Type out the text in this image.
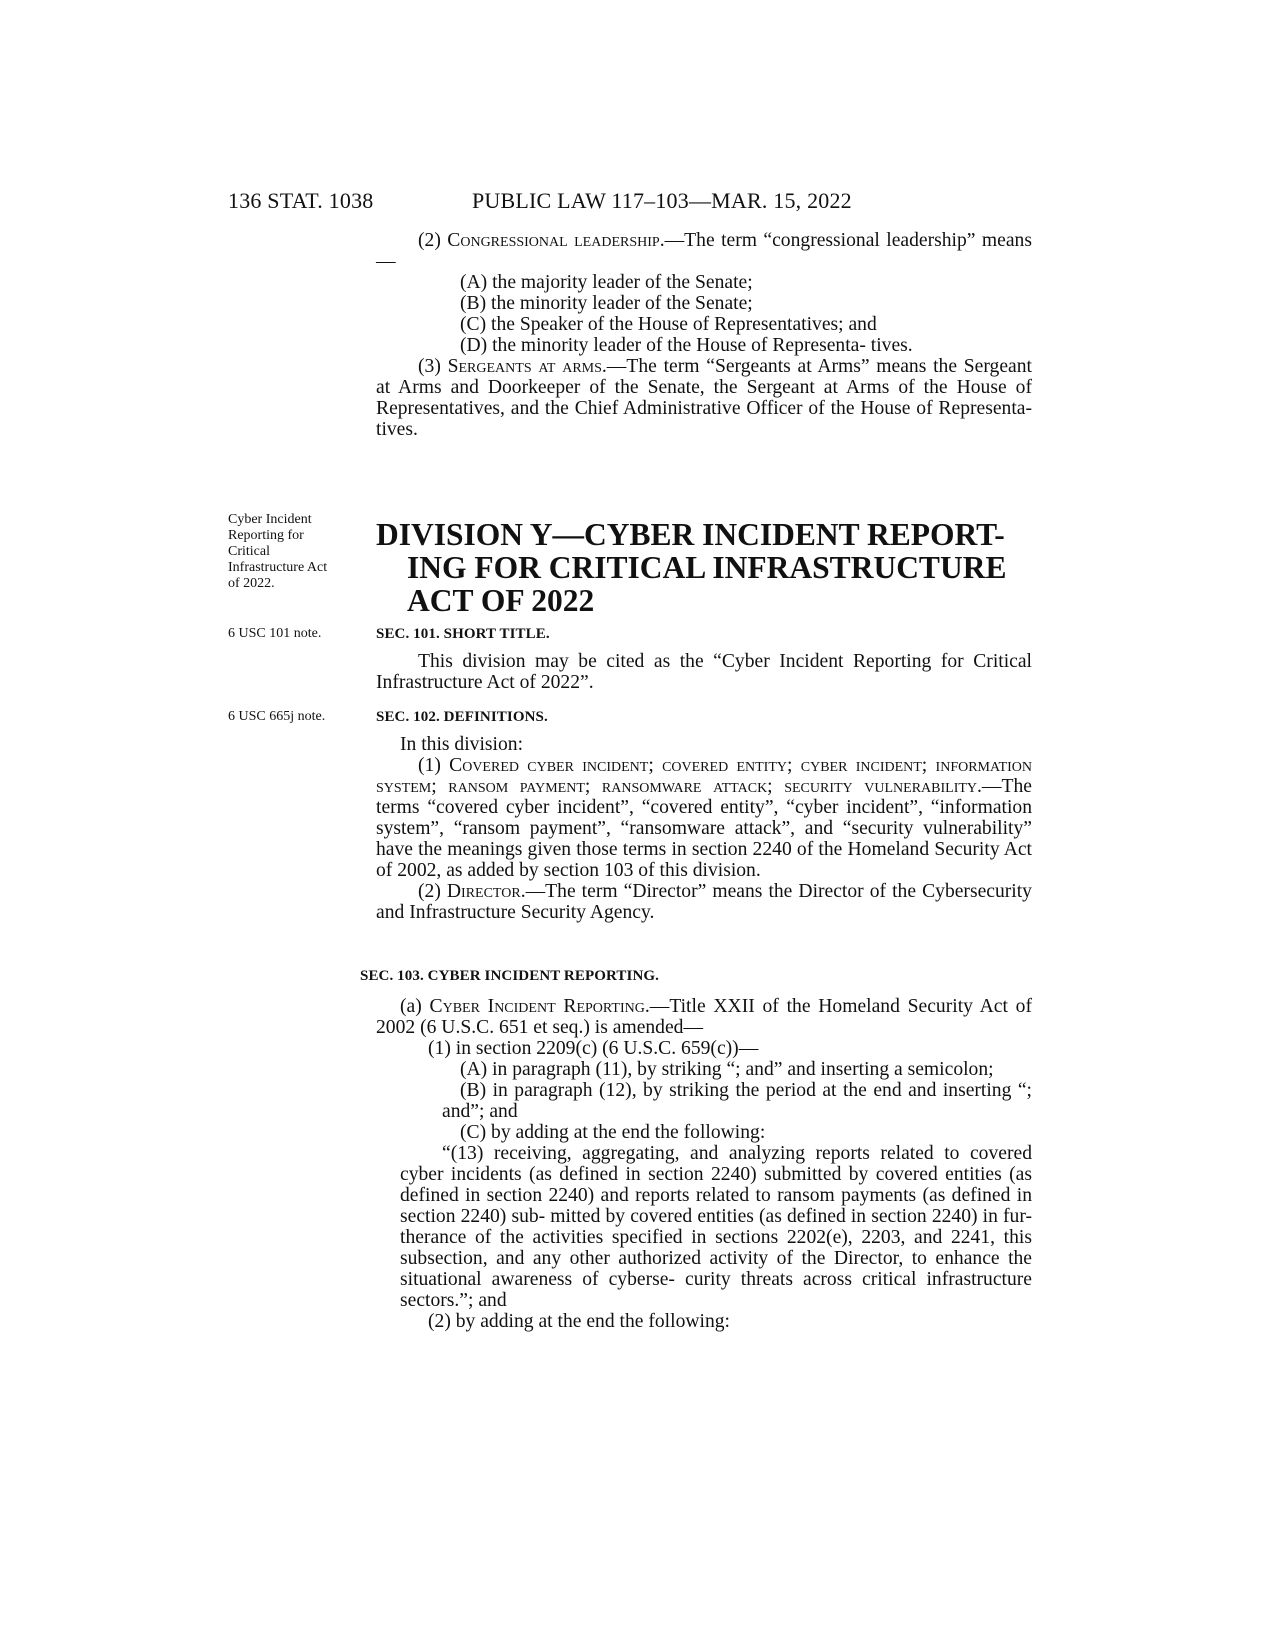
136 STAT. 1038	PUBLIC LAW 117–103—MAR. 15, 2022

(2) Congressional leadership.—The term “congressional leadership” means—

(A) the majority leader of the Senate;

(B) the minority leader of the Senate;

(C) the Speaker of the House of Representatives; and

(D) the minority leader of the House of Representa- tives.

(3) Sergeants at arms.—The term “Sergeants at Arms” means the Sergeant at Arms and Doorkeeper of the Senate, the Sergeant at Arms of the House of Representatives, and the Chief Administrative Officer of the House of Representa- tives.

Cyber Incident Reporting for Critical Infrastructure Act of 2022.
DIVISION Y—CYBER INCIDENT REPORT-
ING FOR CRITICAL INFRASTRUCTURE
ACT OF 2022
6 USC 101 note.	SEC. 101. SHORT TITLE.

This division may be cited as the “Cyber Incident Reporting for Critical Infrastructure Act of 2022”.

6 USC 665j note.	SEC. 102. DEFINITIONS.

In this division:

(1) Covered cyber incident; covered entity; cyber incident; information system; ransom payment; ransomware attack; security vulnerability.—The terms “covered cyber incident”, “covered entity”, “cyber incident”, “information system”, “ransom payment”, “ransomware attack”, and “security vulnerability” have the meanings given those terms in section 2240 of the Homeland Security Act of 2002, as added by section 103 of this division.

(2) Director.—The term “Director” means the Director of the Cybersecurity and Infrastructure Security Agency.

SEC. 103. CYBER INCIDENT REPORTING.

(a) Cyber Incident Reporting.—Title XXII of the Homeland Security Act of 2002 (6 U.S.C. 651 et seq.) is amended—

(1) in section 2209(c) (6 U.S.C. 659(c))—

(A) in paragraph (11), by striking “; and” and inserting a semicolon;

(B) in paragraph (12), by striking the period at the end and inserting “; and”; and

(C) by adding at the end the following:

“(13) receiving, aggregating, and analyzing reports related to covered cyber incidents (as defined in section 2240) submitted by covered entities (as defined in section 2240) and reports related to ransom payments (as defined in section 2240) sub- mitted by covered entities (as defined in section 2240) in fur- therance of the activities specified in sections 2202(e), 2203, and 2241, this subsection, and any other authorized activity of the Director, to enhance the situational awareness of cyberse- curity threats across critical infrastructure sectors.”; and

(2) by adding at the end the following:
